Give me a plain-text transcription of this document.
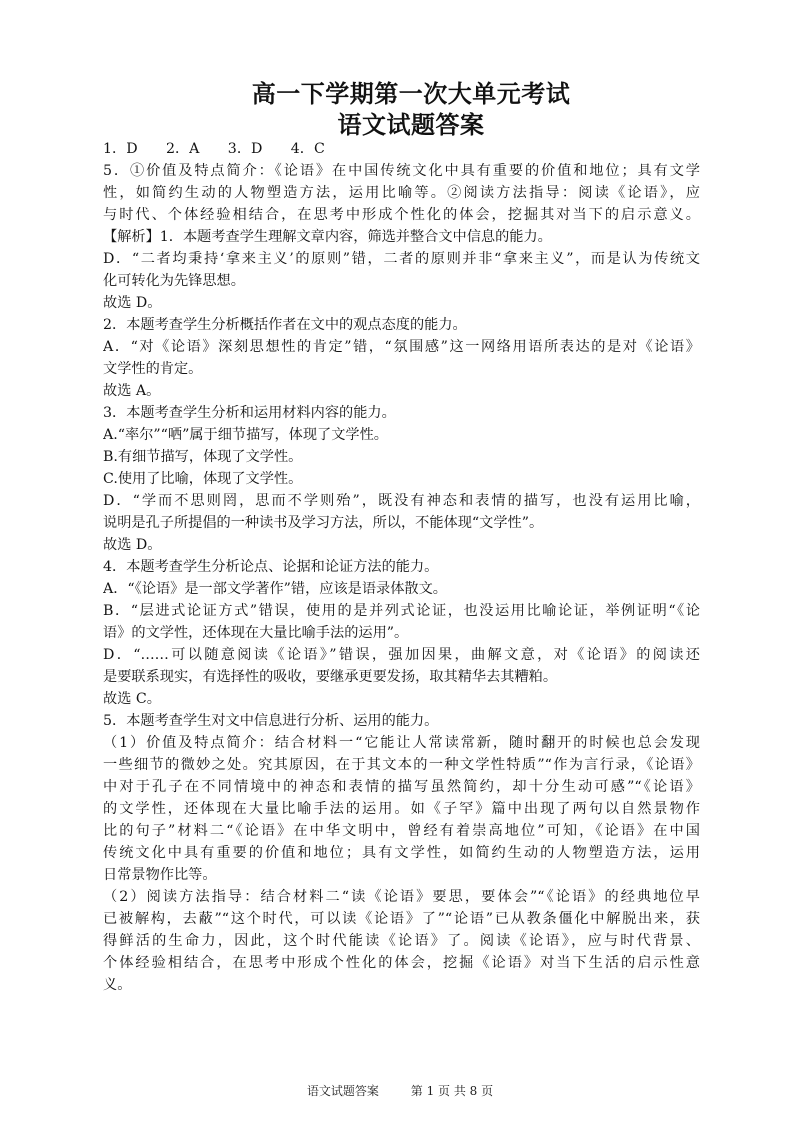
高一下学期第一次大单元考试
语文试题答案
1．D　　2．A　　3．D　　4．C
5．①价值及特点简介：《论语》在中国传统文化中具有重要的价值和地位；具有文学
性，如简约生动的人物塑造方法，运用比喻等。②阅读方法指导：阅读《论语》，应
与时代、个体经验相结合，在思考中形成个性化的体会，挖掘其对当下的启示意义。
【解析】1．本题考查学生理解文章内容，筛选并整合文中信息的能力。
D．“二者均秉持‘拿来主义’的原则”错，二者的原则并非“拿来主义”，而是认为传统文
化可转化为先锋思想。
故选 D。
2．本题考查学生分析概括作者在文中的观点态度的能力。
A．“对《论语》深刻思想性的肯定”错，“氛围感”这一网络用语所表达的是对《论语》
文学性的肯定。
故选 A。
3．本题考查学生分析和运用材料内容的能力。
A.“率尔”“哂”属于细节描写，体现了文学性。
B.有细节描写，体现了文学性。
C.使用了比喻，体现了文学性。
D．“学而不思则罔，思而不学则殆”，既没有神态和表情的描写，也没有运用比喻，
说明是孔子所提倡的一种读书及学习方法，所以，不能体现“文学性”。
故选 D。
4．本题考查学生分析论点、论据和论证方法的能力。
A．“《论语》是一部文学著作”错，应该是语录体散文。
B．“层进式论证方式”错误，使用的是并列式论证，也没运用比喻论证，举例证明“《论
语》的文学性，还体现在大量比喻手法的运用”。
D．“……可以随意阅读《论语》”错误，强加因果，曲解文意，对《论语》的阅读还
是要联系现实，有选择性的吸收，要继承更要发扬，取其精华去其糟粕。
故选 C。
5．本题考查学生对文中信息进行分析、运用的能力。
（1）价值及特点简介：结合材料一“它能让人常读常新，随时翻开的时候也总会发现
一些细节的微妙之处。究其原因，在于其文本的一种文学性特质”“作为言行录，《论语》
中对于孔子在不同情境中的神态和表情的描写虽然简约，却十分生动可感”“《论语》
的文学性，还体现在大量比喻手法的运用。如《子罕》篇中出现了两句以自然景物作
比的句子”材料二“《论语》在中华文明中，曾经有着崇高地位”可知，《论语》在中国
传统文化中具有重要的价值和地位；具有文学性，如简约生动的人物塑造方法，运用
日常景物作比等。
（2）阅读方法指导：结合材料二“读《论语》要思，要体会”“《论语》的经典地位早
已被解构，去蔽”“这个时代，可以读《论语》了”“论语”已从教条僵化中解脱出来，获
得鲜活的生命力，因此，这个时代能读《论语》了。阅读《论语》，应与时代背景、
个体经验相结合，在思考中形成个性化的体会，挖掘《论语》对当下生活的启示性意
义。
语文试题答案	第 1 页 共 8 页
